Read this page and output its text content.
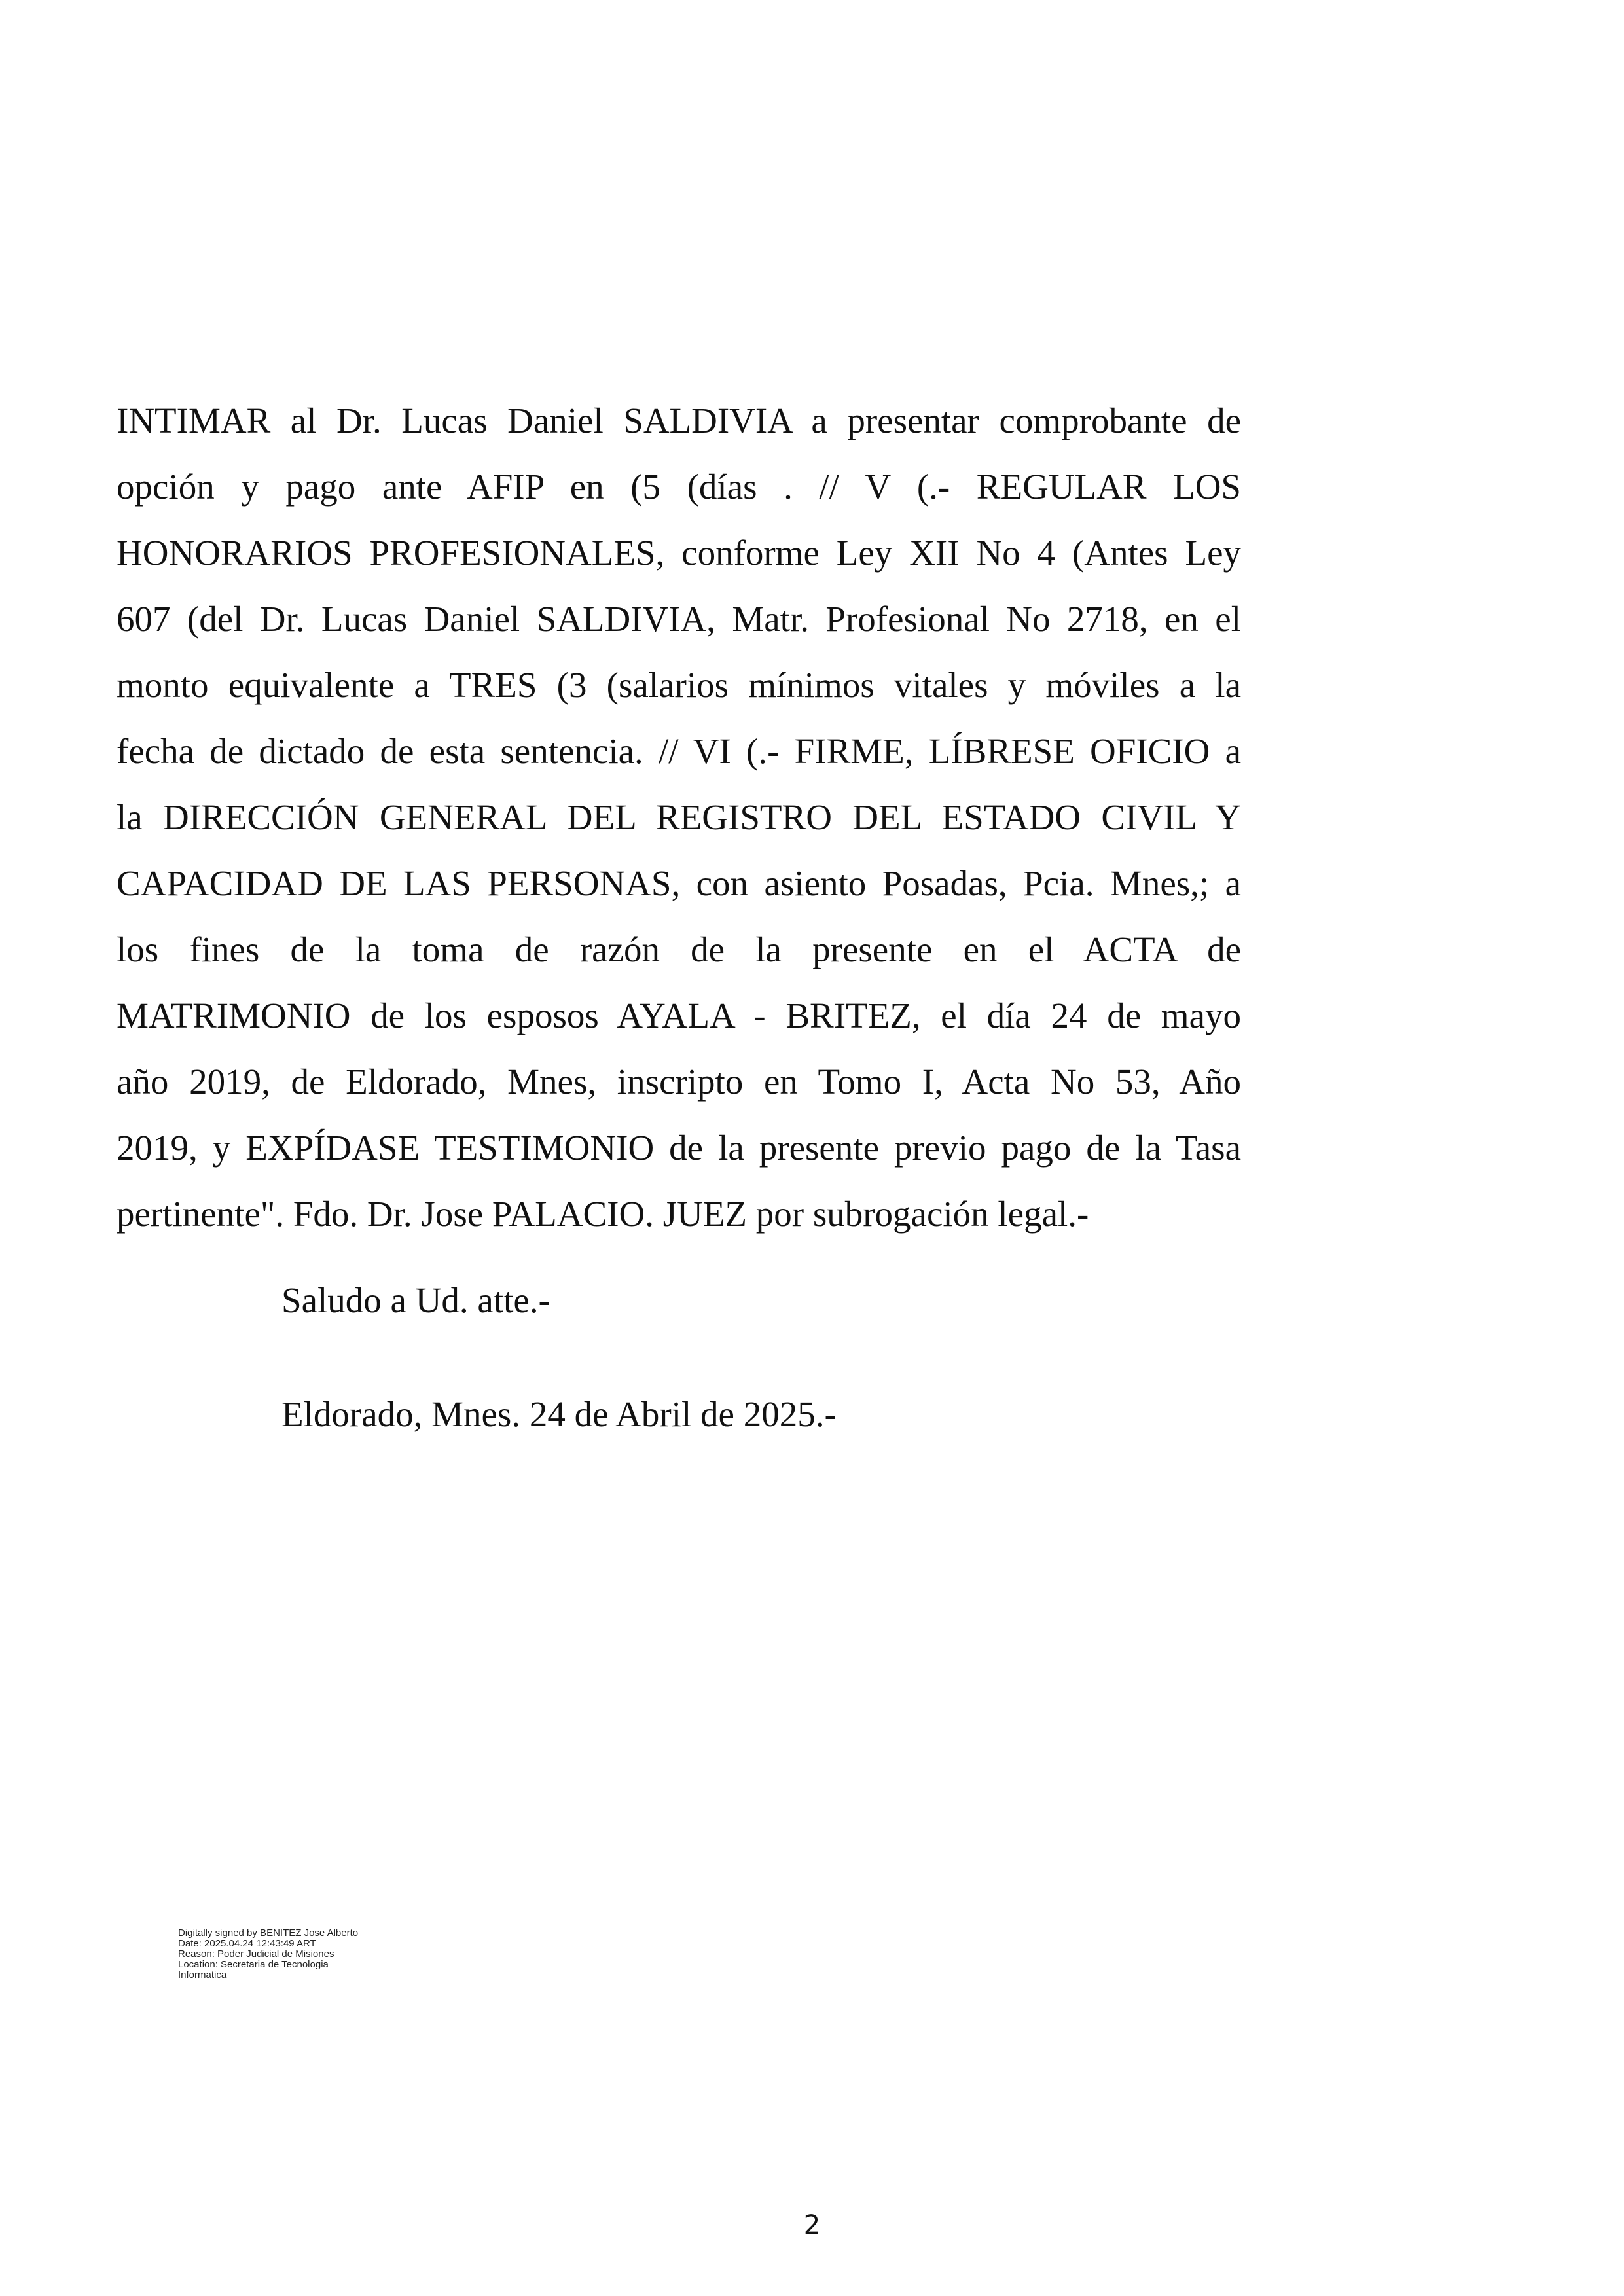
INTIMAR al Dr. Lucas Daniel SALDIVIA a presentar comprobante de
opción y pago ante AFIP en (5 (días . // V (.- REGULAR LOS
HONORARIOS PROFESIONALES, conforme Ley XII No 4 (Antes Ley
607 (del Dr. Lucas Daniel SALDIVIA, Matr. Profesional No 2718, en el
monto equivalente a TRES (3 (salarios mínimos vitales y móviles a la
fecha de dictado de esta sentencia. // VI (.- FIRME, LÍBRESE OFICIO a
la DIRECCIÓN GENERAL DEL REGISTRO DEL ESTADO CIVIL Y
CAPACIDAD DE LAS PERSONAS, con asiento Posadas, Pcia. Mnes,; a
los fines de la toma de razón de la presente en el ACTA de
MATRIMONIO de los esposos AYALA - BRITEZ, el día 24 de mayo
año 2019, de Eldorado, Mnes, inscripto en Tomo I, Acta No 53, Año
2019, y EXPÍDASE TESTIMONIO de la presente previo pago de la Tasa
pertinente". Fdo. Dr. Jose PALACIO. JUEZ por subrogación legal.-
Saludo a Ud. atte.-
Eldorado, Mnes. 24 de Abril de 2025.-
Digitally signed by BENITEZ Jose Alberto
Date: 2025.04.24 12:43:49 ART
Reason: Poder Judicial de Misiones
Location: Secretaria de Tecnologia
Informatica
2
